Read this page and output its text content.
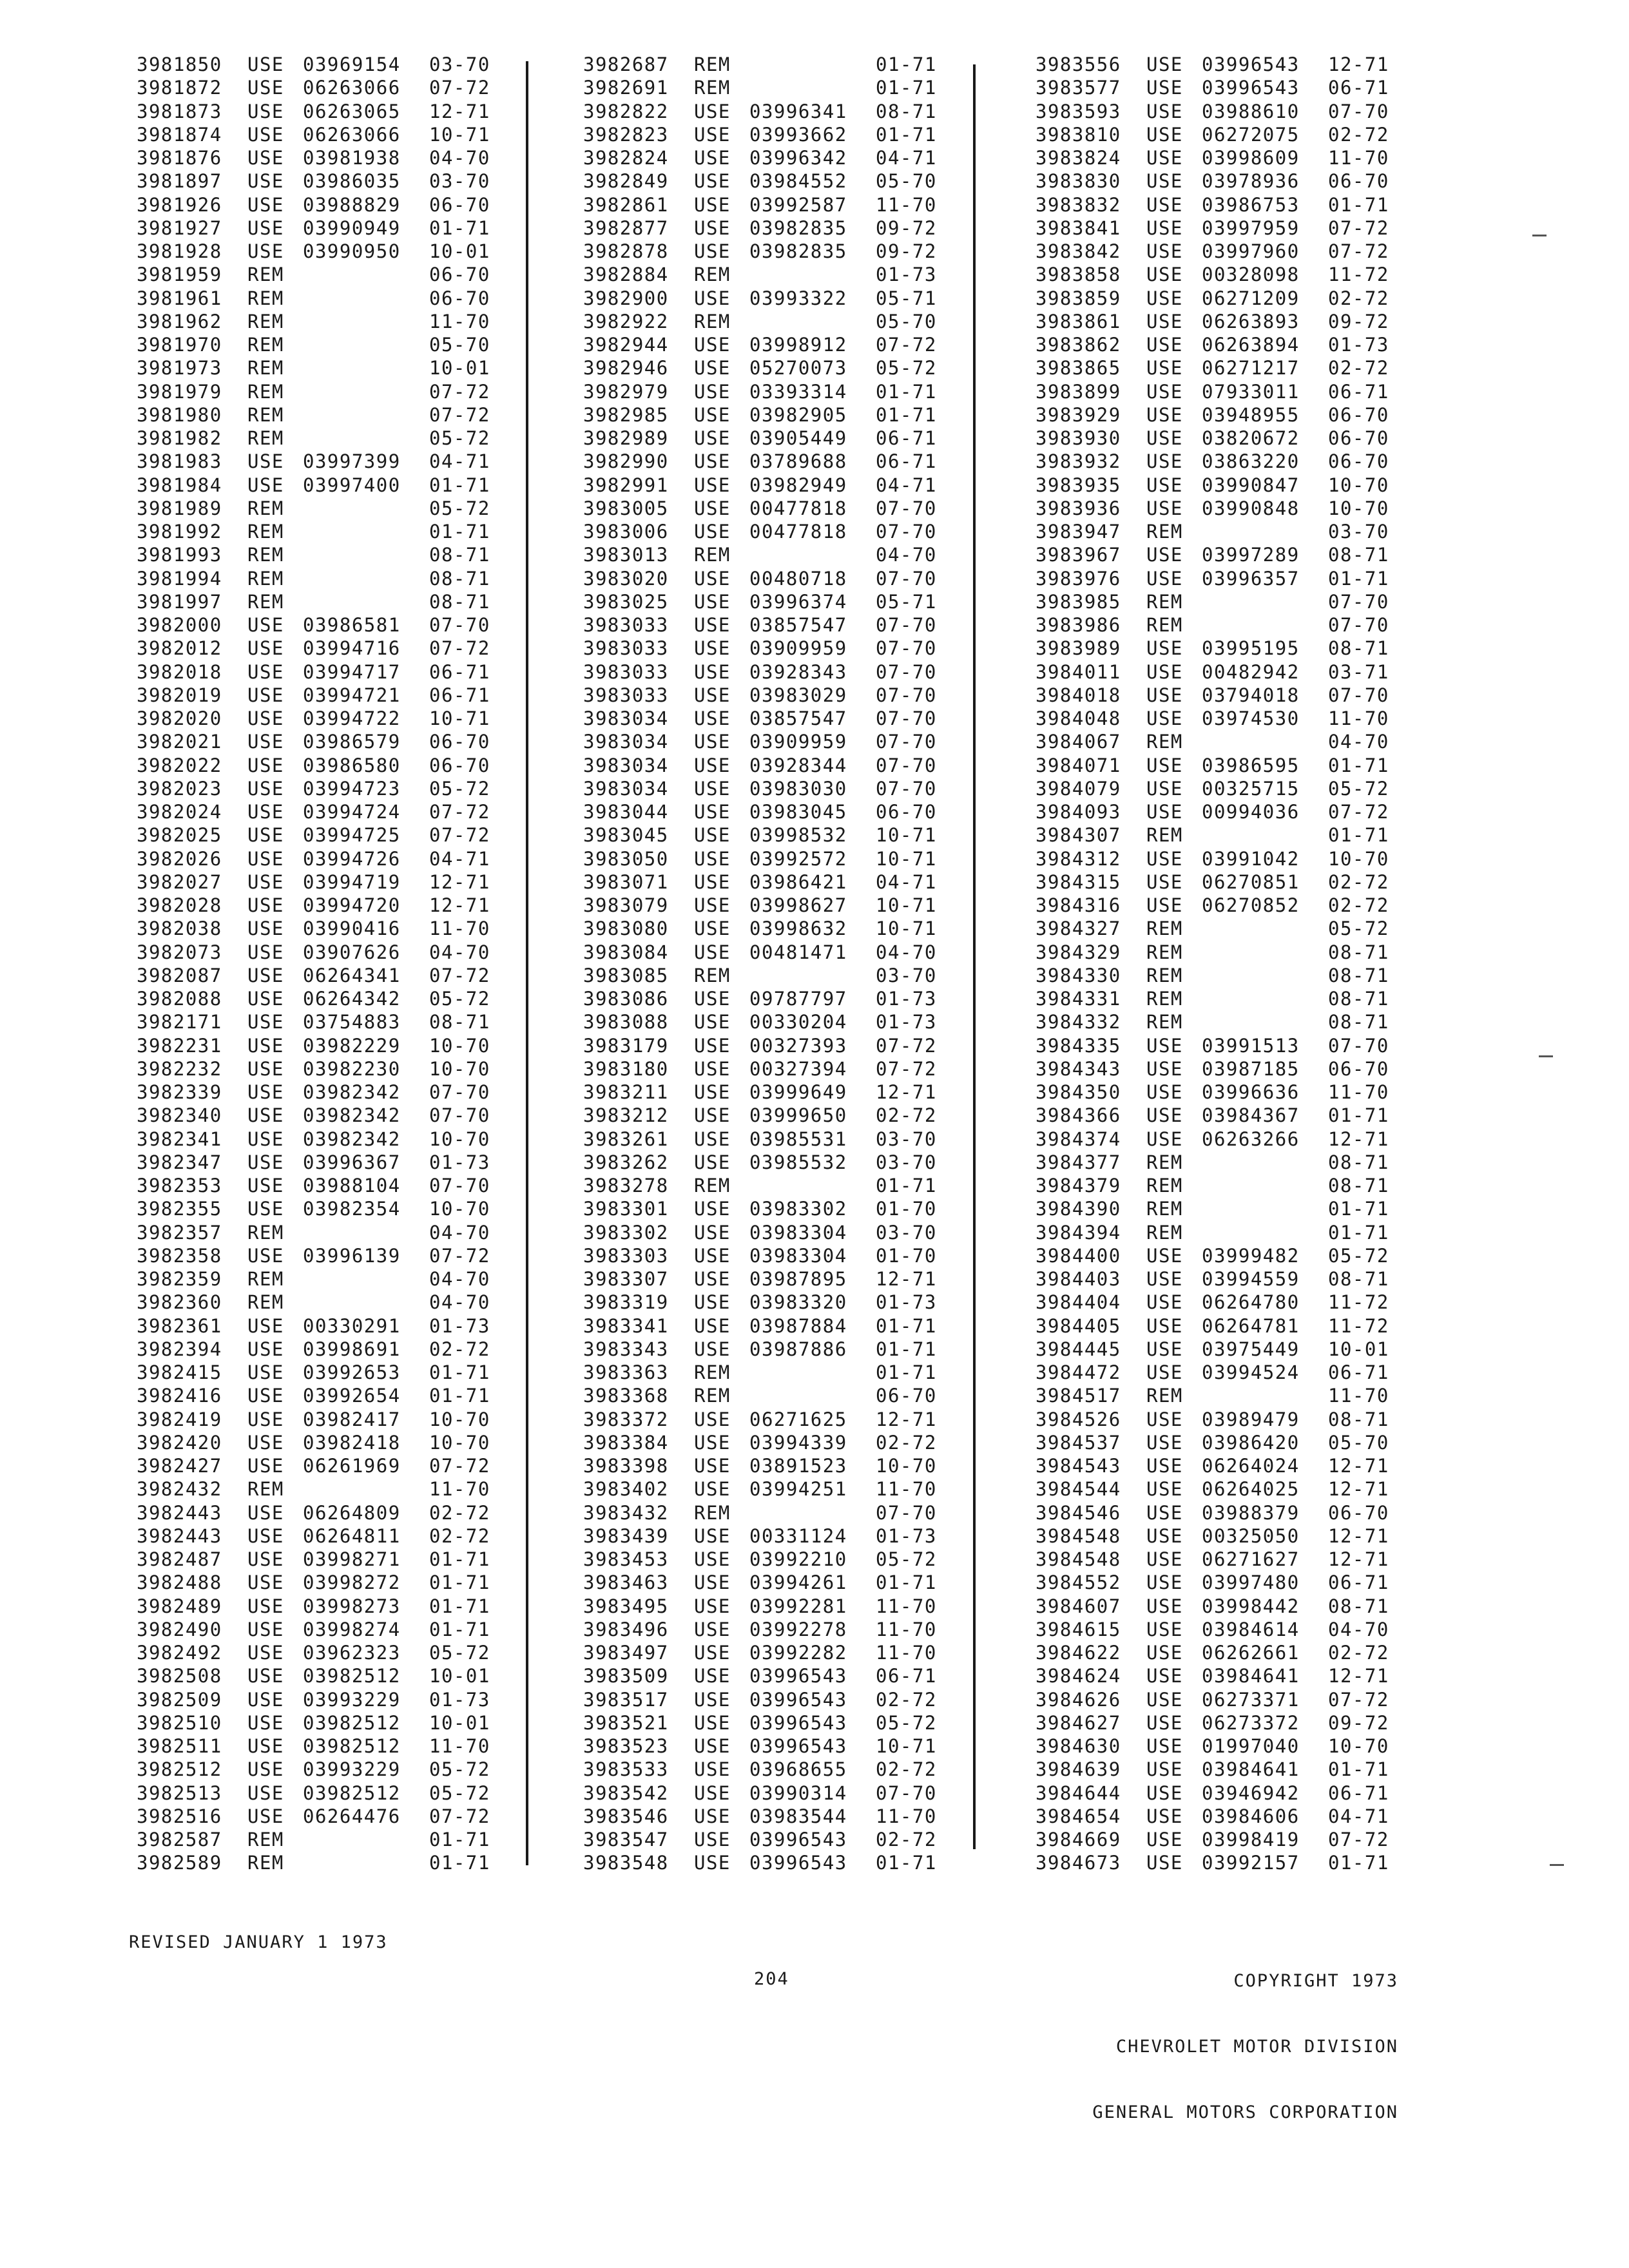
3981850 USE 03969154 03-70
3981872 USE 06263066 07-72
3981873 USE 06263065 12-71
3981874 USE 06263066 10-71
3981876 USE 03981938 04-70
3981897 USE 03986035 03-70
3981926 USE 03988829 06-70
3981927 USE 03990949 01-71
3981928 USE 03990950 10-01
3981959 REM	06-70
3981961 REM	06-70
3981962 REM	11-70
3981970 REM	05-70
3981973 REM	10-01
3981979 REM	07-72
3981980 REM	07-72
3981982 REM	05-72
3981983 USE 03997399 04-71
3981984 USE 03997400 01-71
3981989 REM	05-72
3981992 REM	01-71
3981993 REM	08-71
3981994 REM	08-71
3981997 REM	08-71
3982000 USE 03986581 07-70
3982012 USE 03994716 07-72
3982018 USE 03994717 06-71
3982019 USE 03994721 06-71
3982020 USE 03994722 10-71
3982021 USE 03986579 06-70
3982022 USE 03986580 06-70
3982023 USE 03994723 05-72
3982024 USE 03994724 07-72
3982025 USE 03994725 07-72
3982026 USE 03994726 04-71
3982027 USE 03994719 12-71
3982028 USE 03994720 12-71
3982038 USE 03990416 11-70
3982073 USE 03907626 04-70
3982087 USE 06264341 07-72
3982088 USE 06264342 05-72
3982171 USE 03754883 08-71
3982231 USE 03982229 10-70
3982232 USE 03982230 10-70
3982339 USE 03982342 07-70
3982340 USE 03982342 07-70
3982341 USE 03982342 10-70
3982347 USE 03996367 01-73
3982353 USE 03988104 07-70
3982355 USE 03982354 10-70
3982357 REM	04-70
3982358 USE 03996139 07-72
3982359 REM	04-70
3982360 REM	04-70
3982361 USE 00330291 01-73
3982394 USE 03998691 02-72
3982415 USE 03992653 01-71
3982416 USE 03992654 01-71
3982419 USE 03982417 10-70
3982420 USE 03982418 10-70
3982427 USE 06261969 07-72
3982432 REM	11-70
3982443 USE 06264809 02-72
3982443 USE 06264811 02-72
3982487 USE 03998271 01-71
3982488 USE 03998272 01-71
3982489 USE 03998273 01-71
3982490 USE 03998274 01-71
3982492 USE 03962323 05-72
3982508 USE 03982512 10-01
3982509 USE 03993229 01-73
3982510 USE 03982512 10-01
3982511 USE 03982512 11-70
3982512 USE 03993229 05-72
3982513 USE 03982512 05-72
3982516 USE 06264476 07-72
3982587 REM	01-71
3982589 REM	01-71
3982687 REM	01-71
3982691 REM	01-71
3982822 USE 03996341 08-71
3982823 USE 03993662 01-71
3982824 USE 03996342 04-71
3982849 USE 03984552 05-70
3982861 USE 03992587 11-70
3982877 USE 03982835 09-72
3982878 USE 03982835 09-72
3982884 REM	01-73
3982900 USE 03993322 05-71
3982922 REM	05-70
3982944 USE 03998912 07-72
3982946 USE 05270073 05-72
3982979 USE 03393314 01-71
3982985 USE 03982905 01-71
3982989 USE 03905449 06-71
3982990 USE 03789688 06-71
3982991 USE 03982949 04-71
3983005 USE 00477818 07-70
3983006 USE 00477818 07-70
3983013 REM	04-70
3983020 USE 00480718 07-70
3983025 USE 03996374 05-71
3983033 USE 03857547 07-70
3983033 USE 03909959 07-70
3983033 USE 03928343 07-70
3983033 USE 03983029 07-70
3983034 USE 03857547 07-70
3983034 USE 03909959 07-70
3983034 USE 03928344 07-70
3983034 USE 03983030 07-70
3983044 USE 03983045 06-70
3983045 USE 03998532 10-71
3983050 USE 03992572 10-71
3983071 USE 03986421 04-71
3983079 USE 03998627 10-71
3983080 USE 03998632 10-71
3983084 USE 00481471 04-70
3983085 REM	03-70
3983086 USE 09787797 01-73
3983088 USE 00330204 01-73
3983179 USE 00327393 07-72
3983180 USE 00327394 07-72
3983211 USE 03999649 12-71
3983212 USE 03999650 02-72
3983261 USE 03985531 03-70
3983262 USE 03985532 03-70
3983278 REM	01-71
3983301 USE 03983302 01-70
3983302 USE 03983304 03-70
3983303 USE 03983304 01-70
3983307 USE 03987895 12-71
3983319 USE 03983320 01-73
3983341 USE 03987884 01-71
3983343 USE 03987886 01-71
3983363 REM	01-71
3983368 REM	06-70
3983372 USE 06271625 12-71
3983384 USE 03994339 02-72
3983398 USE 03891523 10-70
3983402 USE 03994251 11-70
3983432 REM	07-70
3983439 USE 00331124 01-73
3983453 USE 03992210 05-72
3983463 USE 03994261 01-71
3983495 USE 03992281 11-70
3983496 USE 03992278 11-70
3983497 USE 03992282 11-70
3983509 USE 03996543 06-71
3983517 USE 03996543 02-72
3983521 USE 03996543 05-72
3983523 USE 03996543 10-71
3983533 USE 03968655 02-72
3983542 USE 03990314 07-70
3983546 USE 03983544 11-70
3983547 USE 03996543 02-72
3983548 USE 03996543 01-71
3983556 USE 03996543 12-71
3983577 USE 03996543 06-71
3983593 USE 03988610 07-70
3983810 USE 06272075 02-72
3983824 USE 03998609 11-70
3983830 USE 03978936 06-70
3983832 USE 03986753 01-71
3983841 USE 03997959 07-72
3983842 USE 03997960 07-72
3983858 USE 00328098 11-72
3983859 USE 06271209 02-72
3983861 USE 06263893 09-72
3983862 USE 06263894 01-73
3983865 USE 06271217 02-72
3983899 USE 07933011 06-71
3983929 USE 03948955 06-70
3983930 USE 03820672 06-70
3983932 USE 03863220 06-70
3983935 USE 03990847 10-70
3983936 USE 03990848 10-70
3983947 REM	03-70
3983967 USE 03997289 08-71
3983976 USE 03996357 01-71
3983985 REM	07-70
3983986 REM	07-70
3983989 USE 03995195 08-71
3984011 USE 00482942 03-71
3984018 USE 03794018 07-70
3984048 USE 03974530 11-70
3984067 REM	04-70
3984071 USE 03986595 01-71
3984079 USE 00325715 05-72
3984093 USE 00994036 07-72
3984307 REM	01-71
3984312 USE 03991042 10-70
3984315 USE 06270851 02-72
3984316 USE 06270852 02-72
3984327 REM	05-72
3984329 REM	08-71
3984330 REM	08-71
3984331 REM	08-71
3984332 REM	08-71
3984335 USE 03991513 07-70
3984343 USE 03987185 06-70
3984350 USE 03996636 11-70
3984366 USE 03984367 01-71
3984374 USE 06263266 12-71
3984377 REM	08-71
3984379 REM	08-71
3984390 REM	01-71
3984394 REM	01-71
3984400 USE 03999482 05-72
3984403 USE 03994559 08-71
3984404 USE 06264780 11-72
3984405 USE 06264781 11-72
3984445 USE 03975449 10-01
3984472 USE 03994524 06-71
3984517 REM	11-70
3984526 USE 03989479 08-71
3984537 USE 03986420 05-70
3984543 USE 06264024 12-71
3984544 USE 06264025 12-71
3984546 USE 03988379 06-70
3984548 USE 00325050 12-71
3984548 USE 06271627 12-71
3984552 USE 03997480 06-71
3984607 USE 03998442 08-71
3984615 USE 03984614 04-70
3984622 USE 06262661 02-72
3984624 USE 03984641 12-71
3984626 USE 06273371 07-72
3984627 USE 06273372 09-72
3984630 USE 01997040 10-70
3984639 USE 03984641 01-71
3984644 USE 03946942 06-71
3984654 USE 03984606 04-71
3984669 USE 03998419 07-72
3984673 USE 03992157 01-71
REVISED JANUARY 1 1973
204

	COPYRIGHT 1973

CHEVROLET MOTOR DIVISION

GENERAL MOTORS CORPORATION
